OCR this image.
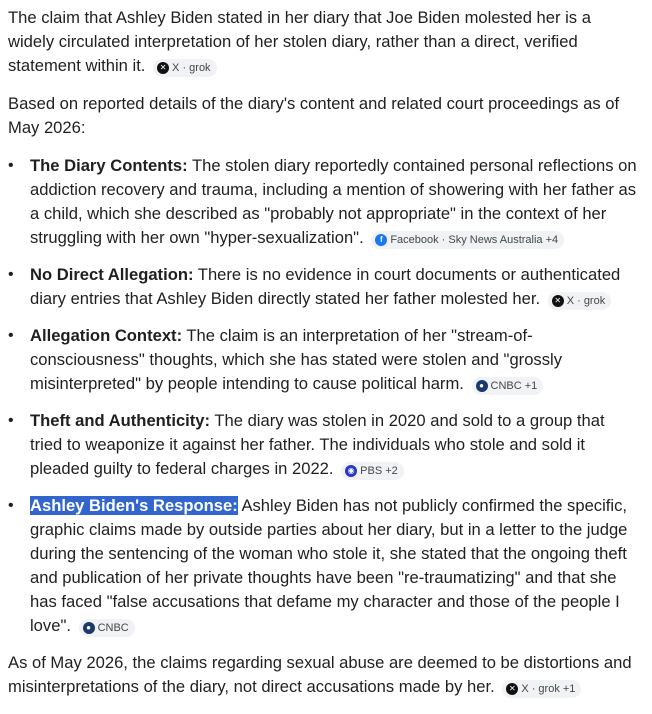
The claim that Ashley Biden stated in her diary that Joe Biden molested her is a widely circulated interpretation of her stolen diary, rather than a direct, verified statement within it.	✕ X · grok

Based on reported details of the diary's content and related court proceedings as of May 2026:

• The Diary Contents: The stolen diary reportedly contained personal reflections on addiction recovery and trauma, including a mention of showering with her father as a child, which she described as "probably not appropriate" in the context of her struggling with her own "hyper-sexualization".	f Facebook · Sky News Australia +4
• No Direct Allegation: There is no evidence in court documents or authenticated diary entries that Ashley Biden directly stated her father molested her.	✕ X · grok
• Allegation Context: The claim is an interpretation of her "stream-of-consciousness" thoughts, which she has stated were stolen and "grossly misinterpreted" by people intending to cause political harm.	● CNBC +1
• Theft and Authenticity: The diary was stolen in 2020 and sold to a group that tried to weaponize it against her father. The individuals who stole and sold it pleaded guilty to federal charges in 2022.	◉ PBS +2
• Ashley Biden's Response: Ashley Biden has not publicly confirmed the specific, graphic claims made by outside parties about her diary, but in a letter to the judge during the sentencing of the woman who stole it, she stated that the ongoing theft and publication of her private thoughts have been "re-traumatizing" and that she has faced "false accusations that defame my character and those of the people I love".	● CNBC

As of May 2026, the claims regarding sexual abuse are deemed to be distortions and misinterpretations of the diary, not direct accusations made by her.	✕ X · grok +1
